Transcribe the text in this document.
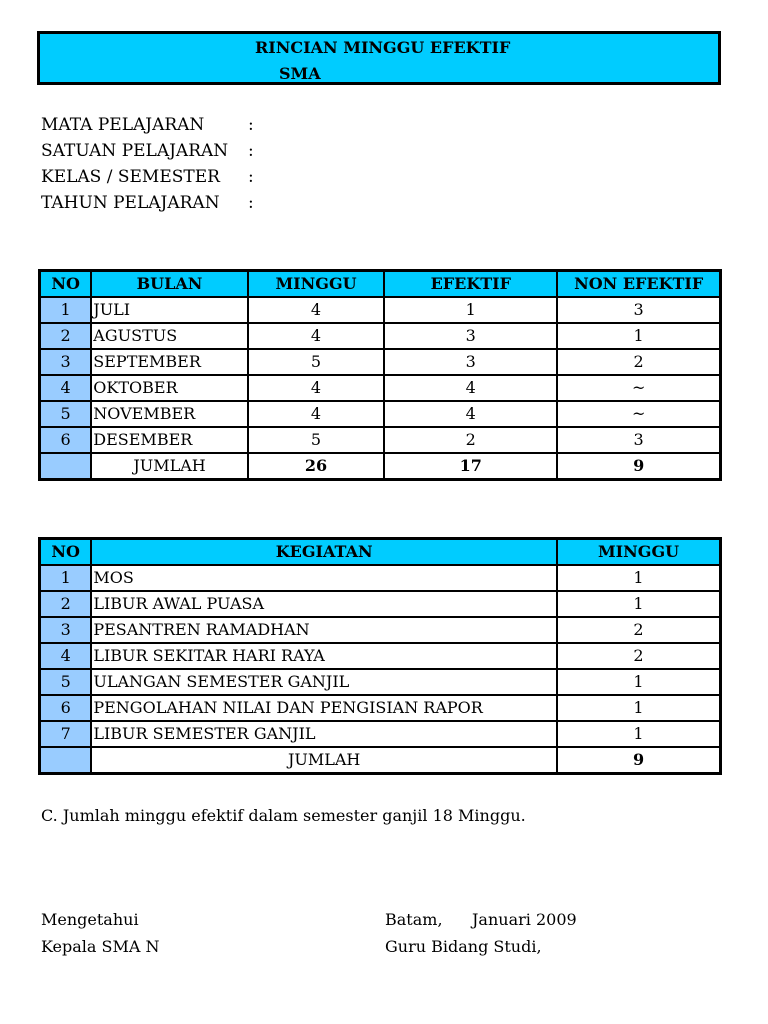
RINCIAN MINGGU EFEKTIF
SMA
MATA PELAJARAN	:
SATUAN PELAJARAN :
KELAS / SEMESTER :
TAHUN PELAJARAN :
NO	BULAN	MINGGU	EFEKTIF	NON EFEKTIF
1	JULI	4	1	3
2	AGUSTUS	4	3	1
3	SEPTEMBER	5	3	2
4	OKTOBER	4	4	~
5	NOVEMBER	4	4	~
6	DESEMBER	5	2	3
	JUMLAH	26	17	9
NO	KEGIATAN	MINGGU
1	MOS	1
2	LIBUR AWAL PUASA	1
3	PESANTREN RAMADHAN	2
4	LIBUR SEKITAR HARI RAYA	2
5	ULANGAN SEMESTER GANJIL	1
6	PENGOLAHAN NILAI DAN PENGISIAN RAPOR	1
7	LIBUR SEMESTER GANJIL	1
	JUMLAH	9
C. Jumlah minggu efektif dalam semester ganjil 18 Minggu.
Mengetahui
Kepala SMA N
Batam, Januari 2009
Guru Bidang Studi,
